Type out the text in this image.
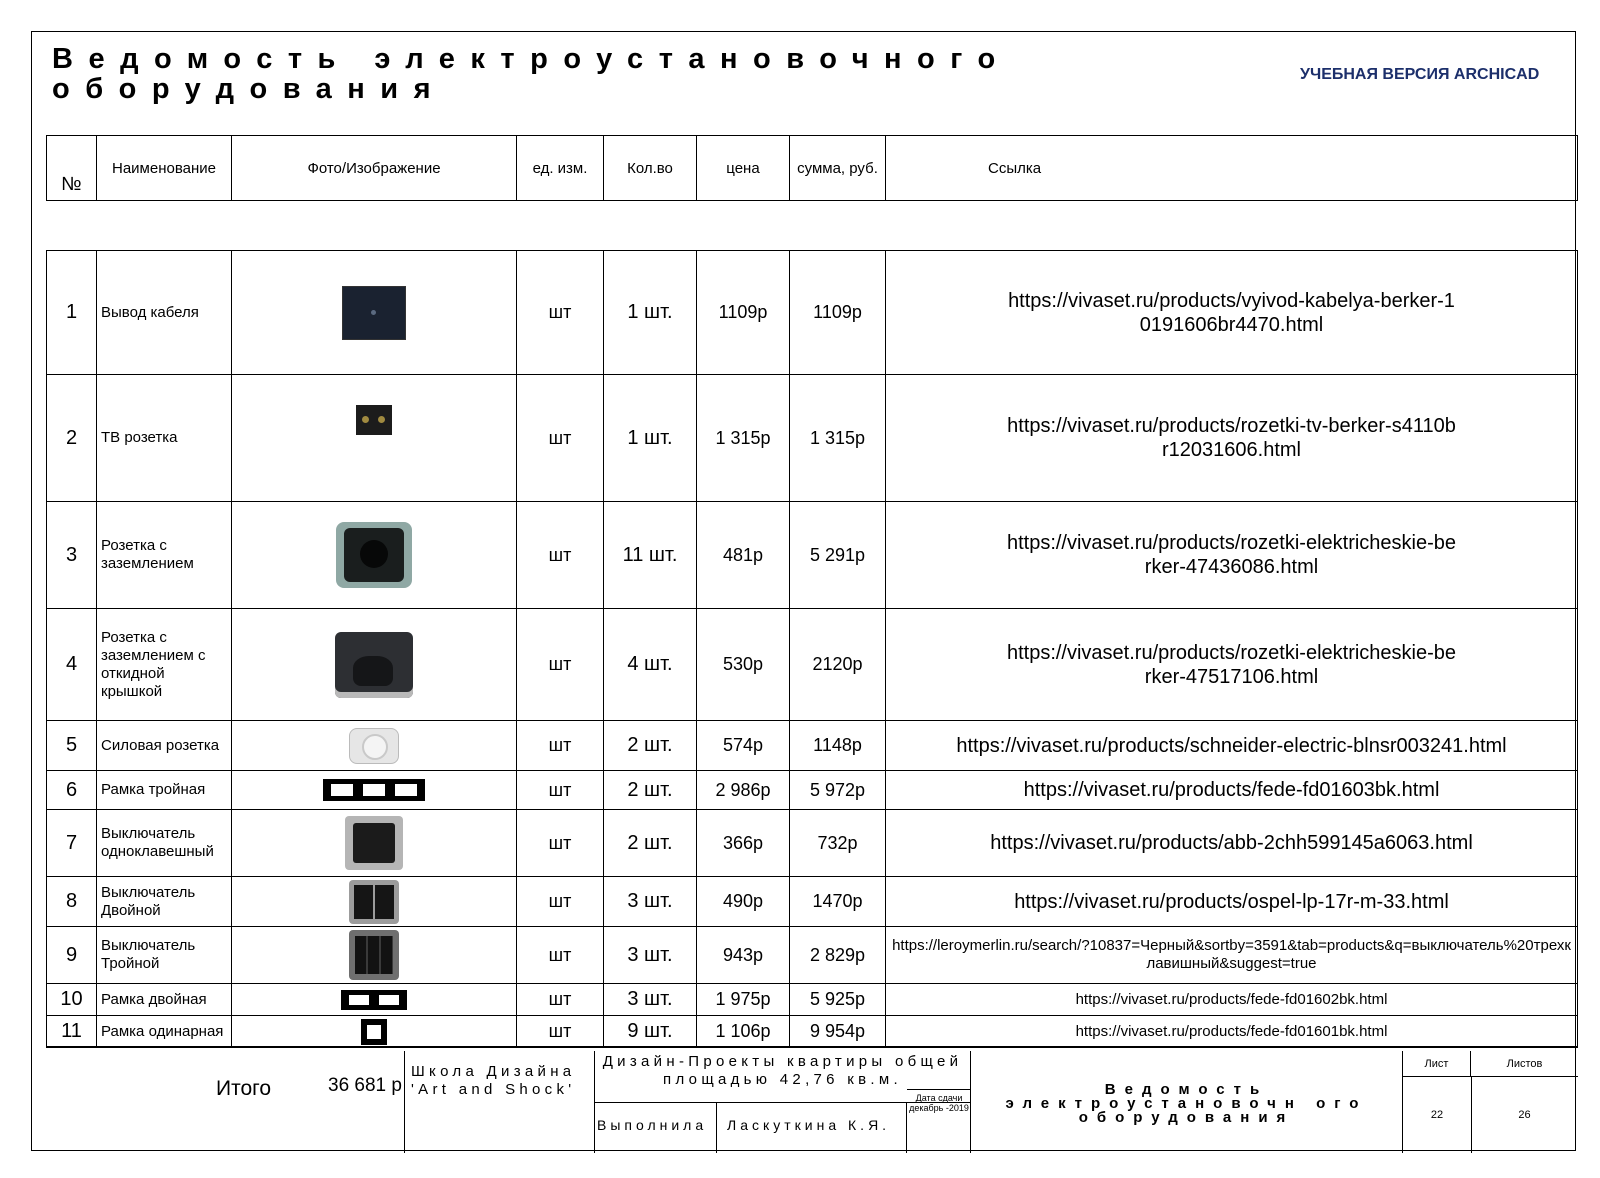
Ведомость электроустановочного
оборудования	УЧЕБНАЯ ВЕРСИЯ ARCHICAD
№	Наименование	Фото/Изображение	ед. изм.	Кол.во	цена	сумма, руб.	Ссылка

1	Вывод кабеля		шт	1 шт.	1109р	1109р	https://vivaset.ru/products/vyivod-kabelya-berker-10191606br4470.html
2	ТВ розетка		шт	1 шт.	1 315р	1 315р	https://vivaset.ru/products/rozetki-tv-berker-s4110br12031606.html
3	Розетка с заземлением		шт	11 шт.	481р	5 291р	https://vivaset.ru/products/rozetki-elektricheskie-berker-47436086.html
4	Розетка с заземлением с откидной крышкой		шт	4 шт.	530р	2120р	https://vivaset.ru/products/rozetki-elektricheskie-berker-47517106.html
5	Силовая розетка		шт	2 шт.	574р	1148р	https://vivaset.ru/products/schneider-electric-blnsr003241.html
6	Рамка тройная		шт	2 шт.	2 986р	5 972р	https://vivaset.ru/products/fede-fd01603bk.html
7	Выключатель одноклавешный		шт	2 шт.	366р	732р	https://vivaset.ru/products/abb-2chh599145a6063.html
8	Выключатель Двойной		шт	3 шт.	490р	1470р	https://vivaset.ru/products/ospel-lp-17r-m-33.html
9	Выключатель Тройной		шт	3 шт.	943р	2 829р	https://leroymerlin.ru/search/?10837=Черный&sortby=3591&tab=products&q=выключатель%20трехклавишный&suggest=true
10	Рамка двойная		шт	3 шт.	1 975р	5 925р	https://vivaset.ru/products/fede-fd01602bk.html
11	Рамка одинарная		шт	9 шт.	1 106р	9 954р	https://vivaset.ru/products/fede-fd01601bk.html
Итого	36 681 р
Школа Дизайна 'Art and Shock'
Дизайн-Проекты квартиры общей площадью 42,76 кв.м.
Выполнила	Ласкуткина К.Я.
Дата сдачи декабрь -2019
Ведомость электроустановочн ого оборудования
Лист	Листов
22	26
